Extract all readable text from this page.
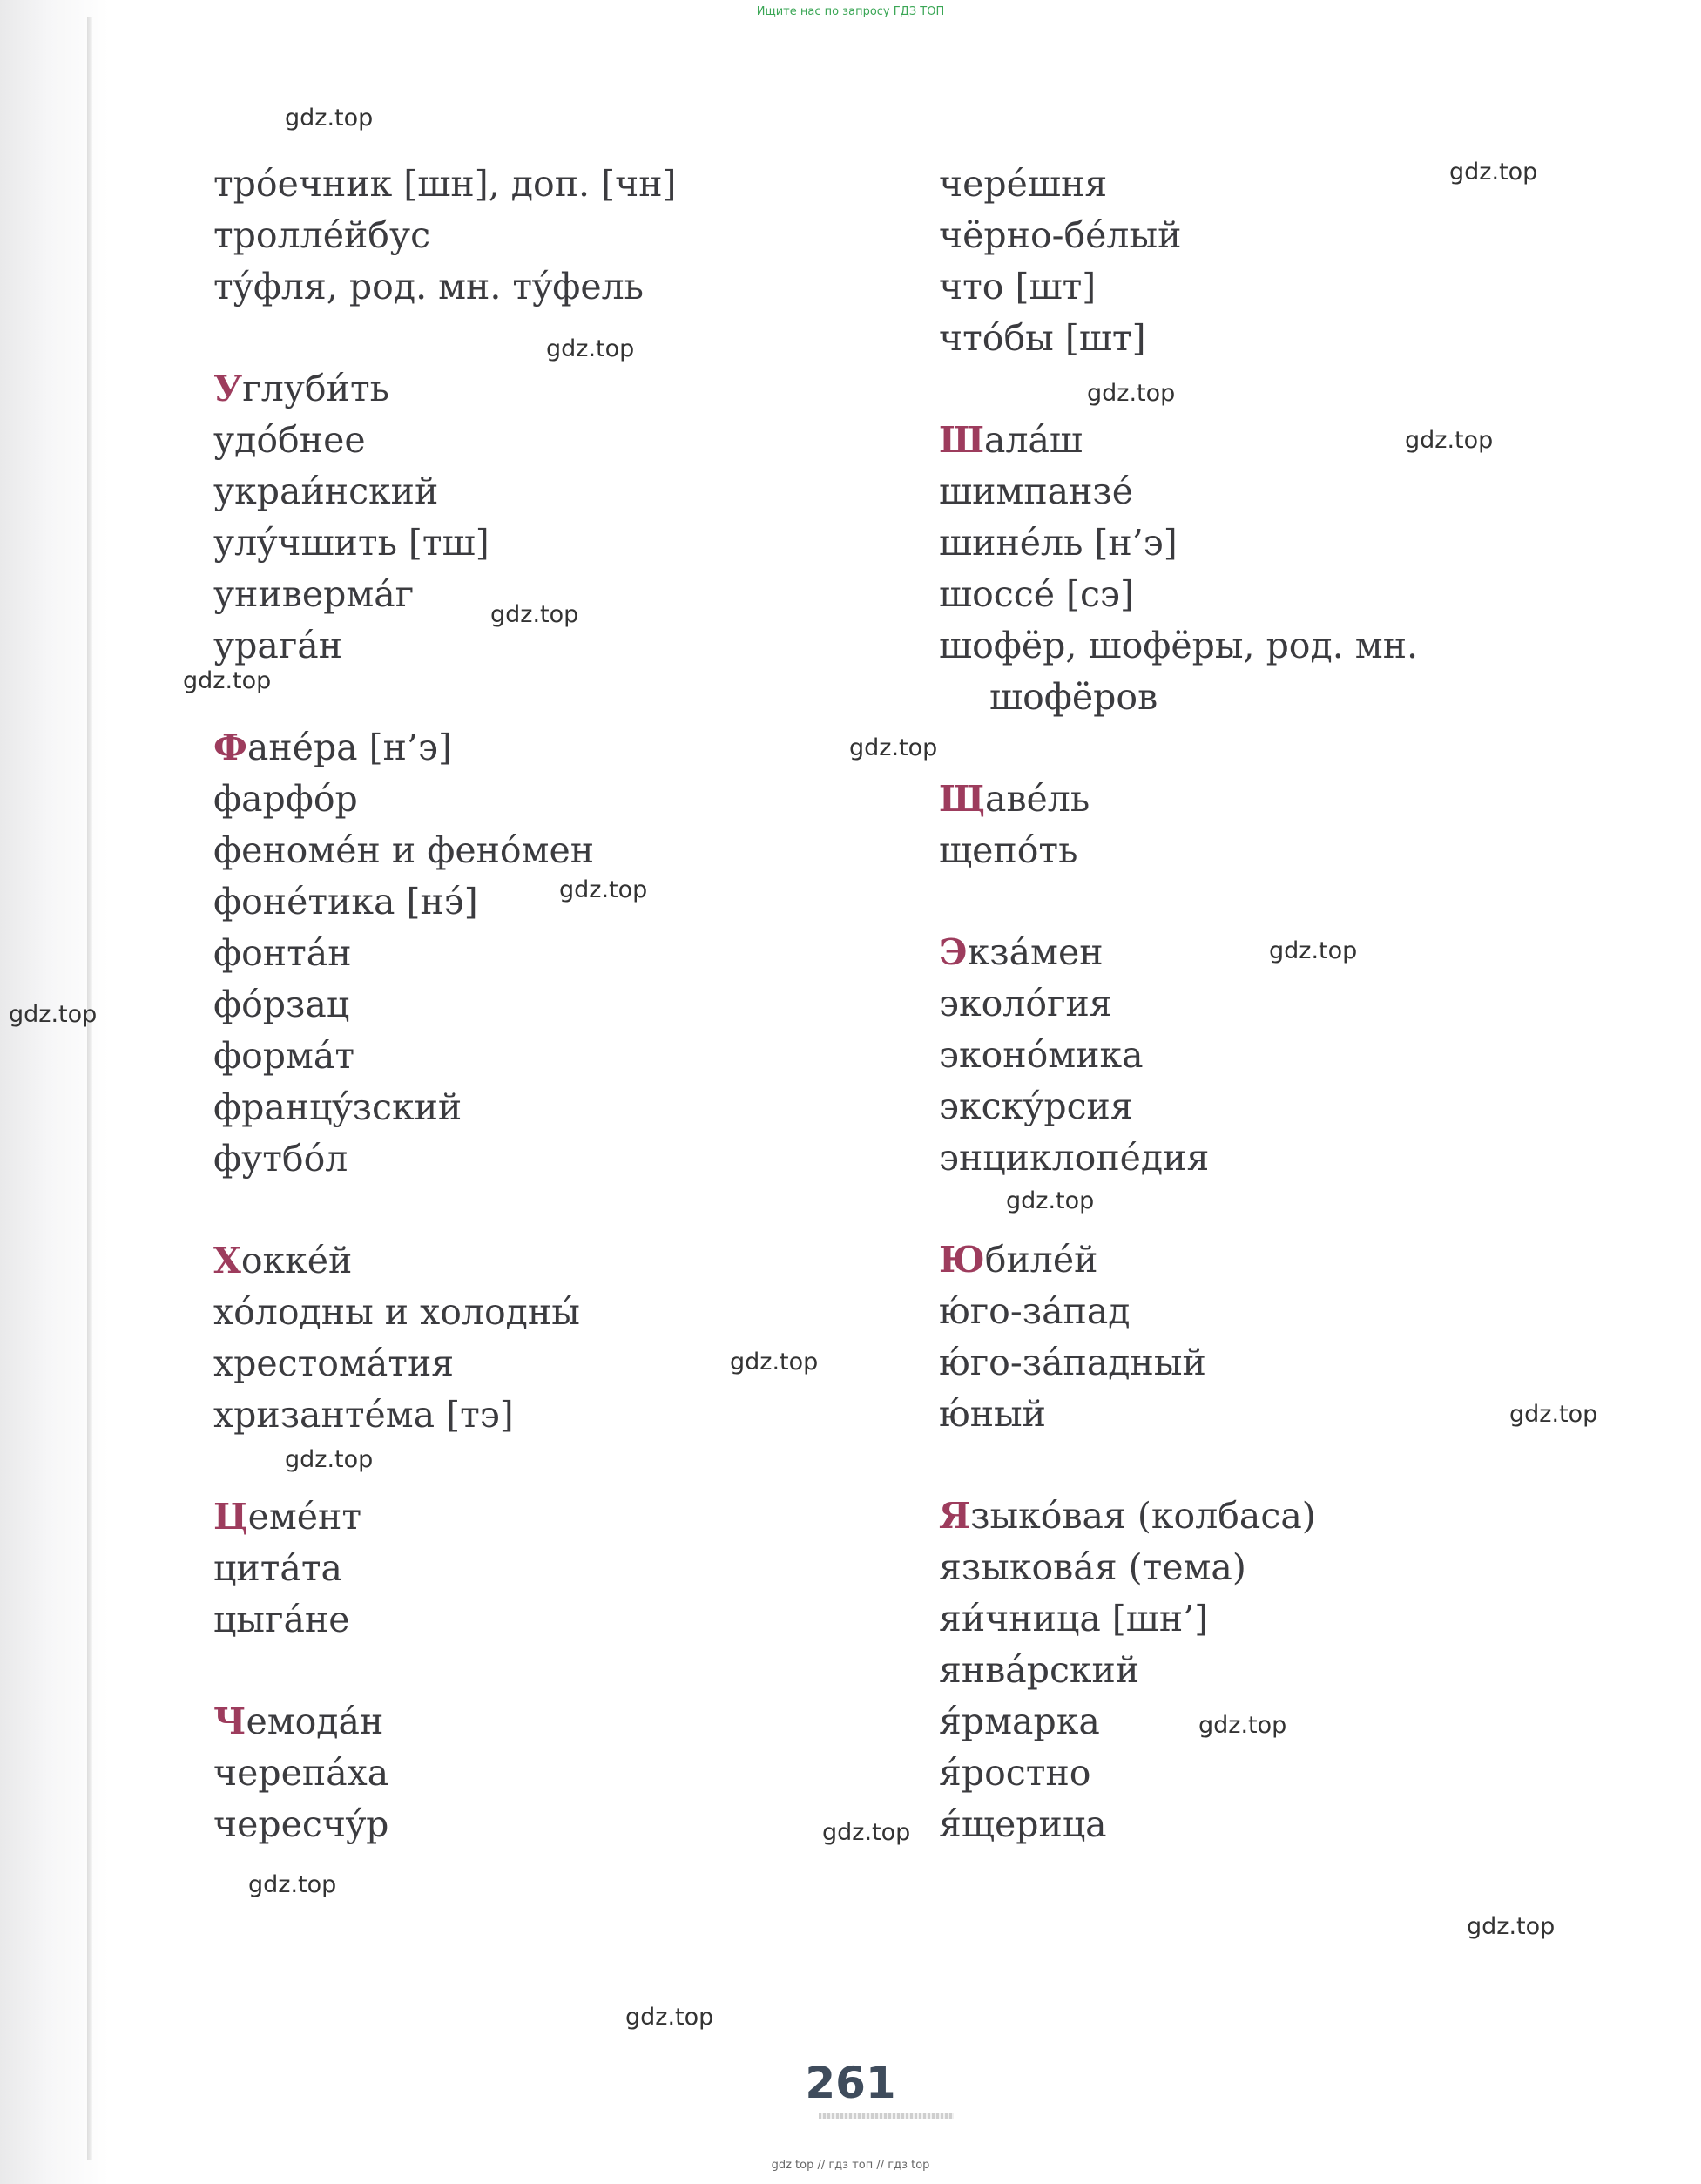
Ищите нас по запросу ГДЗ ТОП
тро́ечник [шн], доп. [чн]
троллéйбус
тýфля, род. мн. тýфель
Углуби́ть
удо́бнее
украи́нский
улýчшить [тш]
универмáг
урагáн
Фанéра [н’э]
фарфо́р
феномéн и фено́мен
фонéтика [нэ́]
фонтáн
фо́рзац
формáт
францýзский
футбо́л
Хоккéй
хо́лодны и холодны́
хрестомáтия
хризантéма [тэ]
Цемéнт
цитáта
цыгáне
Чемодáн
черепáха
чересчýр
черéшня
чёрно-бéлый
что [шт]
что́бы [шт]
Шалáш
шимпанзé
шинéль [н’э]
шоссé [сэ]
шофёр, шофёры, род. мн.
шофёров
Щавéль
щепо́ть
Экзáмен
эколо́гия
эконо́мика
экскýрсия
энциклопéдия
Юбилéй
ю́го-зáпад
ю́го-зáпадный
ю́ный
Языко́вая (колбаса)
языковáя (тема)
яи́чница [шн’]
янвáрский
я́рмарка
я́ростно
я́щерица
gdz.top
gdz.top
gdz.top
gdz.top
gdz.top
gdz.top
gdz.top
gdz.top
gdz.top
gdz.top
gdz.top
gdz.top
gdz.top
gdz.top
gdz.top
gdz.top
gdz.top
gdz.top
gdz.top
gdz.top
261
gdz top // гдз топ // гдз top
